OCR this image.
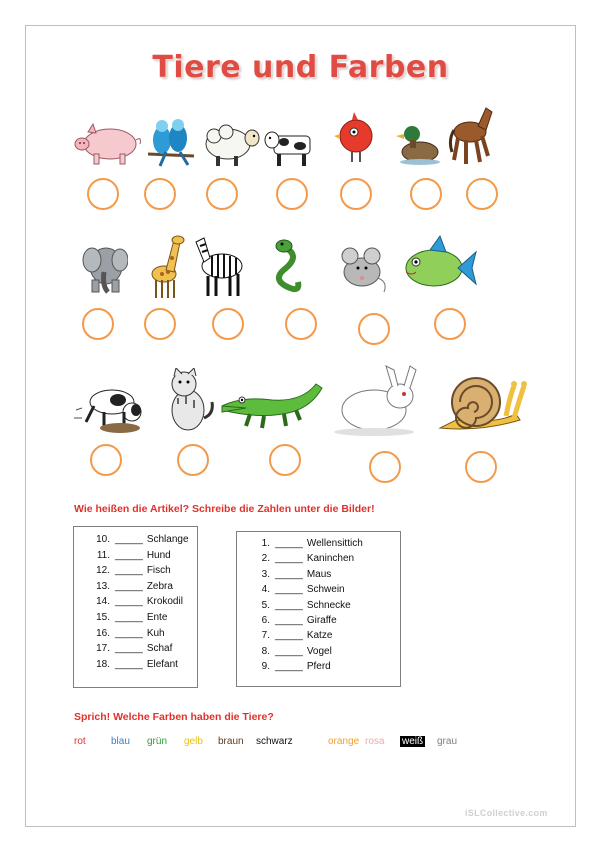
Tiere und Farben
Wie heißen die Artikel? Schreibe die Zahlen unter die Bilder!
10. _____ Schlange
11. _____ Hund
12. _____ Fisch
13. _____ Zebra
14. _____ Krokodil
15. _____ Ente
16. _____ Kuh
17. _____ Schaf
18. _____ Elefant
1. _____ Wellensittich
2. _____ Kaninchen
3. _____ Maus
4. _____ Schwein
5. _____ Schnecke
6. _____ Giraffe
7. _____ Katze
8. _____ Vogel
9. _____ Pferd
Sprich! Welche Farben haben die Tiere?
rot	blau grün gelb braun schwarz	orange rosa weiß grau
iSLCollective.com
